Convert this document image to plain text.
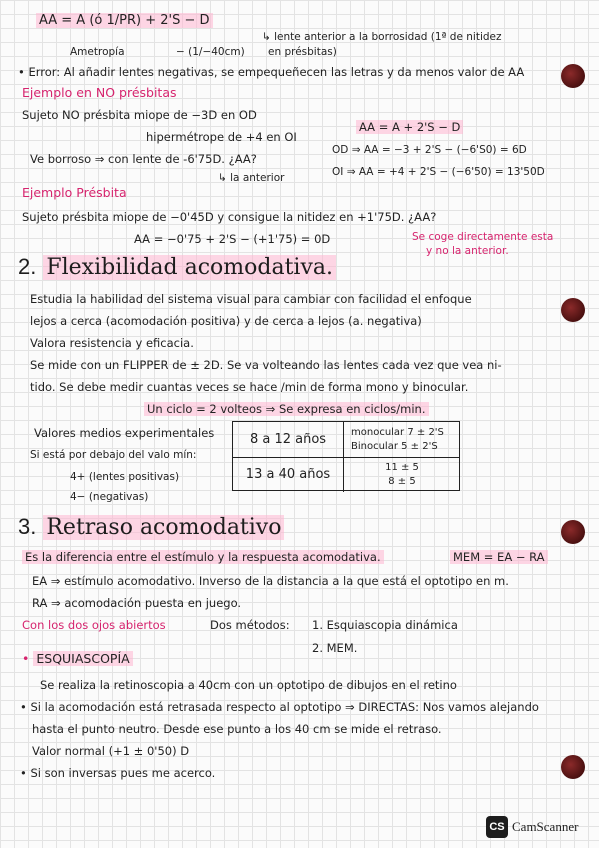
AA = A (ó 1/PR) + 2'S − D
↳ lente anterior a la borrosidad (1ª de nitidez
Ametropía	− (1/−40cm) en présbitas)
• Error: Al añadir lentes negativas, se empequeñecen las letras y da menos valor de AA
Ejemplo en NO présbitas
Sujeto NO présbita miope de −3D en OD
hipermétrope de +4 en OI
AA = A + 2'S − D
Ve borroso ⇒ con lente de -6'75D. ¿AA?
↳ la anterior
OD ⇒ AA = −3 + 2'S − (−6'S0) = 6D
OI ⇒ AA = +4 + 2'S − (−6'50) = 13'50D
Ejemplo Présbita
Sujeto présbita miope de −0'45D y consigue la nitidez en +1'75D. ¿AA?
AA = −0'75 + 2'S − (+1'75) = 0D	Se coge directamente esta
y no la anterior.
2. Flexibilidad acomodativa.
Estudia la habilidad del sistema visual para cambiar con facilidad el enfoque
lejos a cerca (acomodación positiva) y de cerca a lejos (a. negativa)
Valora resistencia y eficacia.
Se mide con un FLIPPER de ± 2D. Se va volteando las lentes cada vez que vea ni-
tido. Se debe medir cuantas veces se hace /min de forma mono y binocular.
Un ciclo = 2 volteos ⇒ Se expresa en ciclos/min.
Valores medios experimentales
Si está por debajo del valo mín:
4+ (lentes positivas)
4− (negativas)
8 a 12 años	monocular 7 ± 2'S
Binocular 5 ± 2'S
13 a 40 años	11 ± 5
8 ± 5
3. Retraso acomodativo
Es la diferencia entre el estímulo y la respuesta acomodativa.	MEM = EA − RA
EA ⇒ estímulo acomodativo. Inverso de la distancia a la que está el optotipo en m.
RA ⇒ acomodación puesta en juego.
Con los dos ojos abiertos	Dos métodos: 1. Esquiascopia dinámica
2. MEM.
• ESQUIASCOPÍA
Se realiza la retinoscopia a 40cm con un optotipo de dibujos en el retino
• Si la acomodación está retrasada respecto al optotipo ⇒ DIRECTAS: Nos vamos alejando
hasta el punto neutro. Desde ese punto a los 40 cm se mide el retraso.
Valor normal (+1 ± 0'50) D
• Si son inversas pues me acerco.
CS CamScanner
